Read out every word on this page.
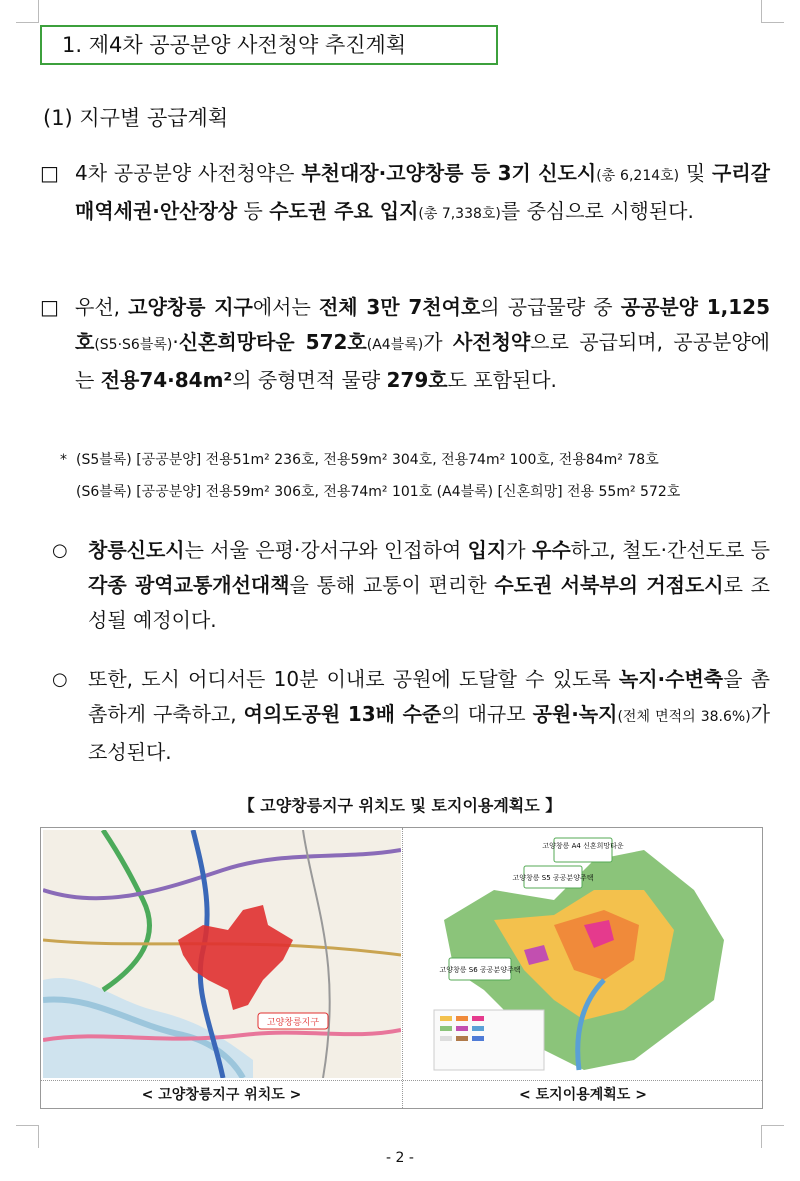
1. 제4차 공공분양 사전청약 추진계획
(1) 지구별 공급계획
□ 4차 공공분양 사전청약은 부천대장·고양창릉 등 3기 신도시(총 6,214호) 및 구리갈매역세권·안산장상 등 수도권 주요 입지(총 7,338호)를 중심으로 시행된다.
□ 우선, 고양창릉 지구에서는 전체 3만 7천여호의 공급물량 중 공공분양 1,125호(S5·S6블록)·신혼희망타운 572호(A4블록)가 사전청약으로 공급되며, 공공분양에는 전용74·84m²의 중형면적 물량 279호도 포함된다.
* (S5블록) [공공분양] 전용51m² 236호, 전용59m² 304호, 전용74m² 100호, 전용84m² 78호
(S6블록) [공공분양] 전용59m² 306호, 전용74m² 101호 (A4블록) [신혼희망] 전용 55m² 572호
○ 창릉신도시는 서울 은평·강서구와 인접하여 입지가 우수하고, 철도·간선도로 등 각종 광역교통개선대책을 통해 교통이 편리한 수도권 서북부의 거점도시로 조성될 예정이다.
○ 또한, 도시 어디서든 10분 이내로 공원에 도달할 수 있도록 녹지·수변축을 촘촘하게 구축하고, 여의도공원 13배 수준의 대규모 공원·녹지(전체 면적의 38.6%)가 조성된다.
【 고양창릉지구 위치도 및 토지이용계획도 】
고양창릉지구
고양창릉 A4 신혼희망타운
고양창릉 S5 공공분양주택
고양창릉 S6 공공분양주택
< 고양창릉지구 위치도 >	< 토지이용계획도 >
- 2 -
